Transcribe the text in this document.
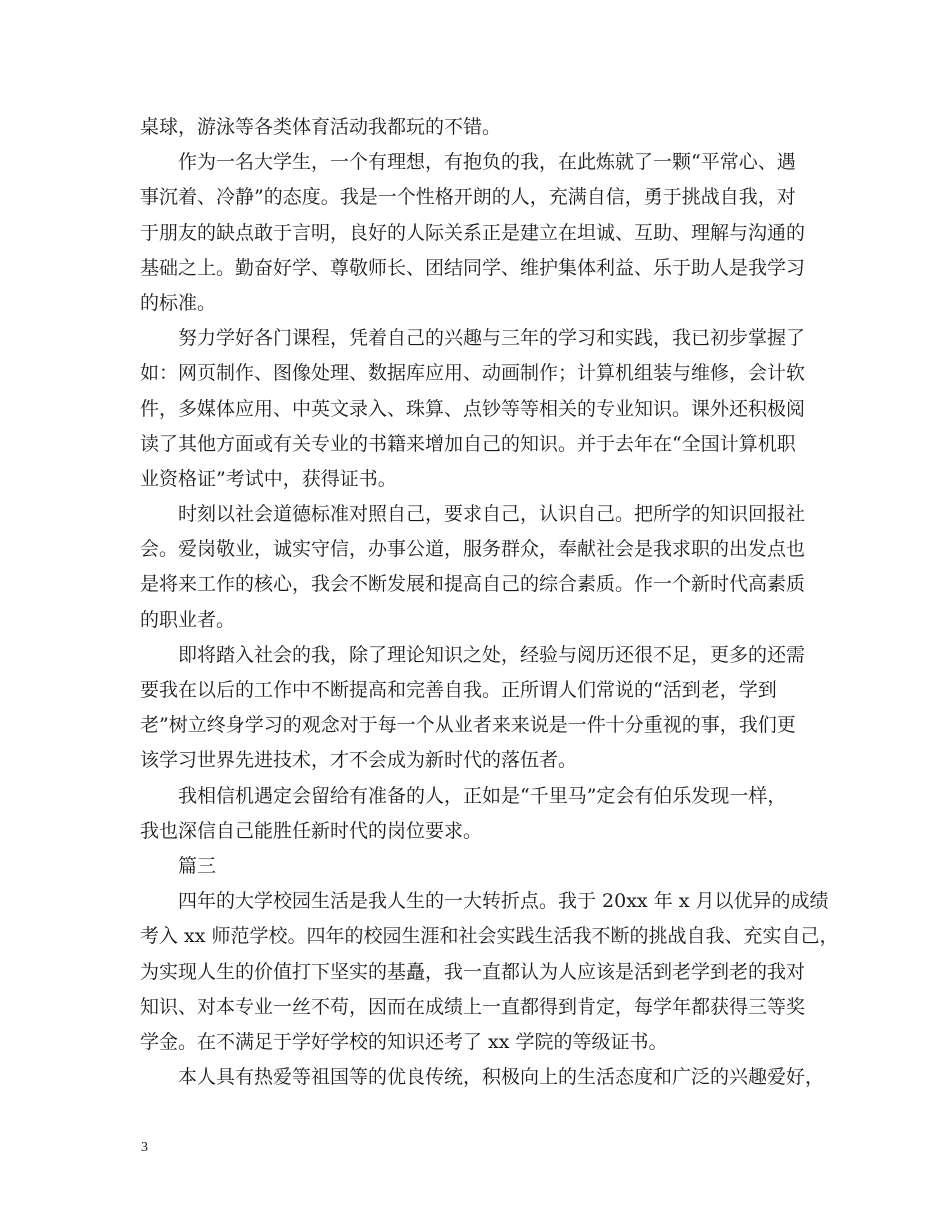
桌球，游泳等各类体育活动我都玩的不错。
作为一名大学生，一个有理想，有抱负的我，在此炼就了一颗“平常心、遇
事沉着、冷静”的态度。我是一个性格开朗的人，充满自信，勇于挑战自我，对
于朋友的缺点敢于言明，良好的人际关系正是建立在坦诚、互助、理解与沟通的
基础之上。勤奋好学、尊敬师长、团结同学、维护集体利益、乐于助人是我学习
的标准。
努力学好各门课程，凭着自己的兴趣与三年的学习和实践，我已初步掌握了
如：网页制作、图像处理、数据库应用、动画制作；计算机组装与维修，会计软
件，多媒体应用、中英文录入、珠算、点钞等等相关的专业知识。课外还积极阅
读了其他方面或有关专业的书籍来增加自己的知识。并于去年在“全国计算机职
业资格证”考试中，获得证书。
时刻以社会道德标准对照自己，要求自己，认识自己。把所学的知识回报社
会。爱岗敬业，诚实守信，办事公道，服务群众，奉献社会是我求职的出发点也
是将来工作的核心，我会不断发展和提高自己的综合素质。作一个新时代高素质
的职业者。
即将踏入社会的我，除了理论知识之处，经验与阅历还很不足，更多的还需
要我在以后的工作中不断提高和完善自我。正所谓人们常说的“活到老，学到
老”树立终身学习的观念对于每一个从业者来来说是一件十分重视的事，我们更
该学习世界先进技术，才不会成为新时代的落伍者。
我相信机遇定会留给有准备的人，正如是“千里马”定会有伯乐发现一样，
我也深信自己能胜任新时代的岗位要求。
篇三
四年的大学校园生活是我人生的一大转折点。我于 20xx 年 x 月以优异的成绩
考入 xx 师范学校。四年的校园生涯和社会实践生活我不断的挑战自我、充实自己，
为实现人生的价值打下坚实的基矗，我一直都认为人应该是活到老学到老的我对
知识、对本专业一丝不苟，因而在成绩上一直都得到肯定，每学年都获得三等奖
学金。在不满足于学好学校的知识还考了 xx 学院的等级证书。
本人具有热爱等祖国等的优良传统，积极向上的生活态度和广泛的兴趣爱好，
3
